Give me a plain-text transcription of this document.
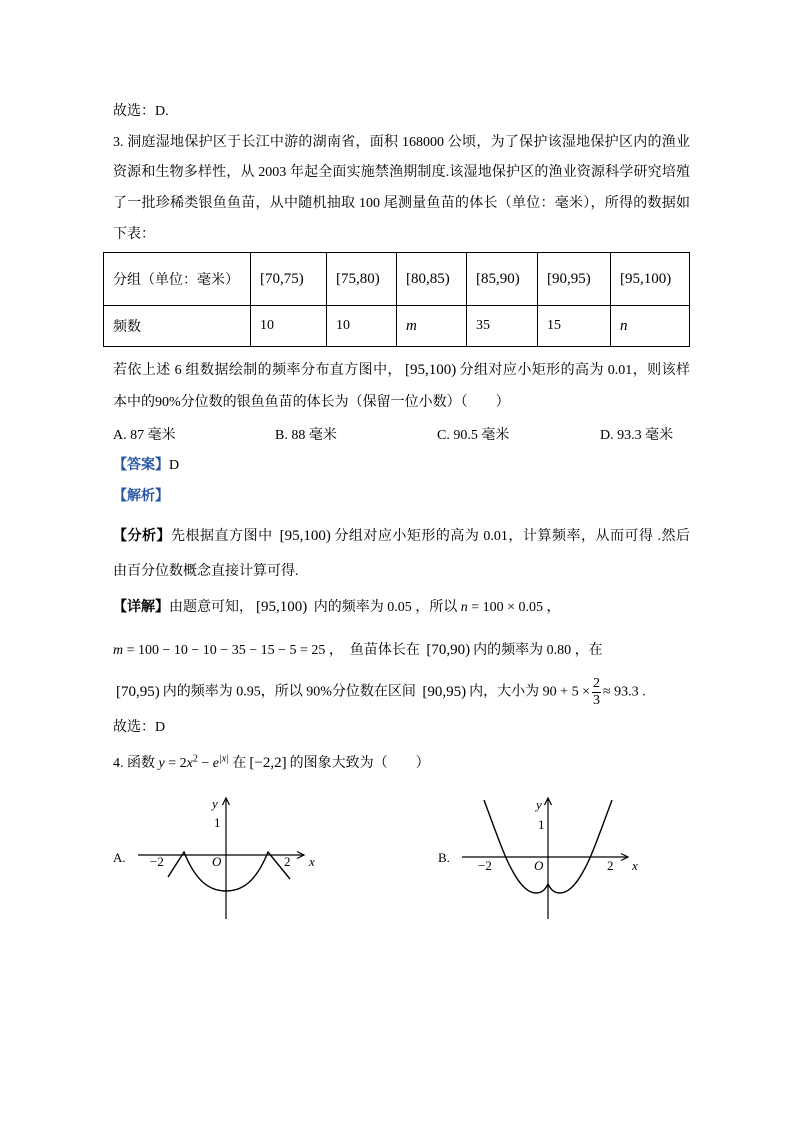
故选：D.
3. 洞庭湿地保护区于长江中游的湖南省，面积 168000 公顷，为了保护该湿地保护区内的渔业
资源和生物多样性，从 2003 年起全面实施禁渔期制度.该湿地保护区的渔业资源科学研究培殖
了一批珍稀类银鱼鱼苗，从中随机抽取 100 尾测量鱼苗的体长（单位：毫米），所得的数据如
下表：
分组（单位：毫米）	[70,75)	[75,80)	[80,85)	[85,90)	[90,95)	[95,100)
频数	10	10	m	35	15	n
若依上述 6 组数据绘制的频率分布直方图中， [95,100) 分组对应小矩形的高为 0.01，则该样
本中的90%分位数的银鱼鱼苗的体长为（保留一位小数）（　　）
A. 87 毫米	B. 88 毫米	C. 90.5 毫米	D. 93.3 毫米
【答案】D
【解析】
【分析】先根据直方图中 [95,100) 分组对应小矩形的高为 0.01，计算频率，从而可得 .然后
由百分位数概念直接计算可得.
【详解】由题意可知， [95,100) 内的频率为 0.05 ，所以 n = 100 × 0.05 ，
m = 100 − 10 − 10 − 35 − 15 − 5 = 25 ，　鱼苗体长在 [70,90) 内的频率为 0.80 ，在
[70,95) 内的频率为 0.95，所以 90%分位数在区间 [90,95) 内，大小为 $90 + 5 \times \frac{2}{3} \approx 93.3$ .
故选：D
4. 函数 $y = 2x^2 - e^{|x|}$ 在 [−2,2] 的图象大致为（　　）
A.
y
1
−2	O	2 x	B.
y
1
−2	O	2 x
